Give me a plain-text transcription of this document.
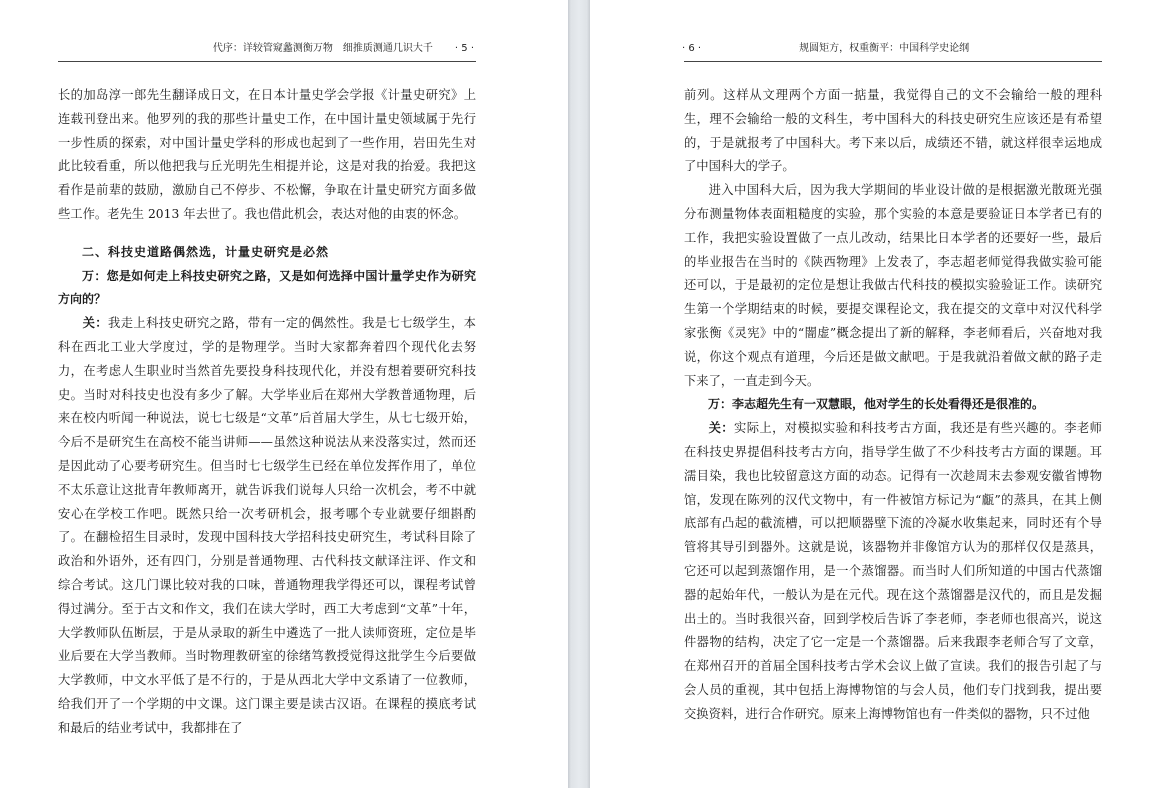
代序：详较管窥蠡测衡万物　细推质测通几识大千 · 5 ·

长的加岛淳一郎先生翻译成日文，在日本计量史学会学报《计量史研究》上连载刊登出来。他罗列的我的那些计量史工作，在中国计量史领域属于先行一步性质的探索，对中国计量史学科的形成也起到了一些作用，岩田先生对此比较看重，所以他把我与丘光明先生相提并论，这是对我的抬爱。我把这看作是前辈的鼓励，激励自己不停步、不松懈，争取在计量史研究方面多做些工作。老先生 2013 年去世了。我也借此机会，表达对他的由衷的怀念。

二、科技史道路偶然选，计量史研究是必然

万：您是如何走上科技史研究之路，又是如何选择中国计量学史作为研究方向的？

关：我走上科技史研究之路，带有一定的偶然性。我是七七级学生，本科在西北工业大学度过，学的是物理学。当时大家都奔着四个现代化去努力，在考虑人生职业时当然首先要投身科技现代化，并没有想着要研究科技史。当时对科技史也没有多少了解。大学毕业后在郑州大学教普通物理，后来在校内听闻一种说法，说七七级是“文革”后首届大学生，从七七级开始，今后不是研究生在高校不能当讲师——虽然这种说法从来没落实过，然而还是因此动了心要考研究生。但当时七七级学生已经在单位发挥作用了，单位不太乐意让这批青年教师离开，就告诉我们说每人只给一次机会，考不中就安心在学校工作吧。既然只给一次考研机会，报考哪个专业就要仔细斟酌了。在翻检招生目录时，发现中国科技大学招科技史研究生，考试科目除了政治和外语外，还有四门，分别是普通物理、古代科技文献译注评、作文和综合考试。这几门课比较对我的口味，普通物理我学得还可以，课程考试曾得过满分。至于古文和作文，我们在读大学时，西工大考虑到“文革”十年，大学教师队伍断层，于是从录取的新生中遴选了一批人读师资班，定位是毕业后要在大学当教师。当时物理教研室的徐绪笃教授觉得这批学生今后要做大学教师，中文水平低了是不行的，于是从西北大学中文系请了一位教师，给我们开了一个学期的中文课。这门课主要是读古汉语。在课程的摸底考试和最后的结业考试中，我都排在了

· 6 ·	规圆矩方，权重衡平：中国科学史论纲

前列。这样从文理两个方面一掂量，我觉得自己的文不会输给一般的理科生，理不会输给一般的文科生，考中国科大的科技史研究生应该还是有希望的，于是就报考了中国科大。考下来以后，成绩还不错，就这样很幸运地成了中国科大的学子。

进入中国科大后，因为我大学期间的毕业设计做的是根据激光散斑光强分布测量物体表面粗糙度的实验，那个实验的本意是要验证日本学者已有的工作，我把实验设置做了一点儿改动，结果比日本学者的还要好一些，最后的毕业报告在当时的《陕西物理》上发表了，李志超老师觉得我做实验可能还可以，于是最初的定位是想让我做古代科技的模拟实验验证工作。读研究生第一个学期结束的时候，要提交课程论文，我在提交的文章中对汉代科学家张衡《灵宪》中的“闇虚”概念提出了新的解释，李老师看后，兴奋地对我说，你这个观点有道理，今后还是做文献吧。于是我就沿着做文献的路子走下来了，一直走到今天。

万：李志超先生有一双慧眼，他对学生的长处看得还是很准的。

关：实际上，对模拟实验和科技考古方面，我还是有些兴趣的。李老师在科技史界提倡科技考古方向，指导学生做了不少科技考古方面的课题。耳濡目染，我也比较留意这方面的动态。记得有一次趁周末去参观安徽省博物馆，发现在陈列的汉代文物中，有一件被馆方标记为“甗”的蒸具，在其上侧底部有凸起的截流槽，可以把顺器壁下流的冷凝水收集起来，同时还有个导管将其导引到器外。这就是说，该器物并非像馆方认为的那样仅仅是蒸具，它还可以起到蒸馏作用，是一个蒸馏器。而当时人们所知道的中国古代蒸馏器的起始年代，一般认为是在元代。现在这个蒸馏器是汉代的，而且是发掘出土的。当时我很兴奋，回到学校后告诉了李老师，李老师也很高兴，说这件器物的结构，决定了它一定是一个蒸馏器。后来我跟李老师合写了文章，在郑州召开的首届全国科技考古学术会议上做了宣读。我们的报告引起了与会人员的重视，其中包括上海博物馆的与会人员，他们专门找到我，提出要交换资料，进行合作研究。原来上海博物馆也有一件类似的器物，只不过他
